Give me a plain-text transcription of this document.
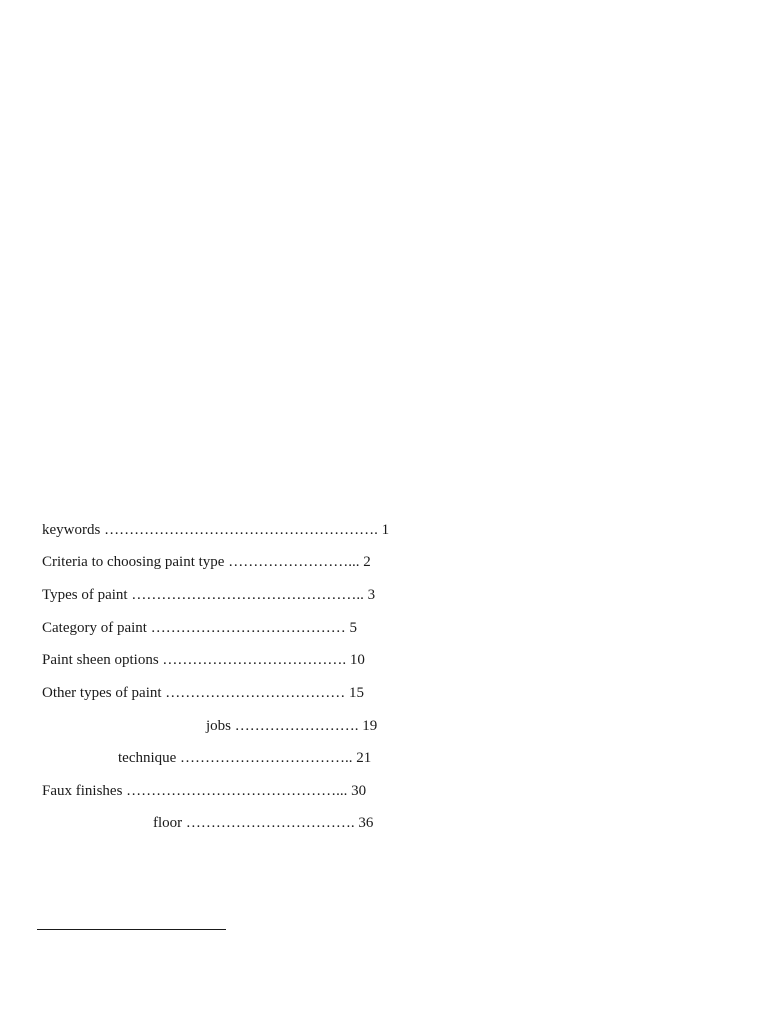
keywords ………………………………………………. 1
Criteria to choosing paint type ……………………... 2
Types of paint ……………………………………….. 3
Category of paint ………………………………… 5
Paint sheen options ………………………………. 10
Other types of paint ……………………………… 15
jobs ……………………. 19
technique …………………………….. 21
Faux finishes ……………………………………... 30
floor ……………………………. 36
